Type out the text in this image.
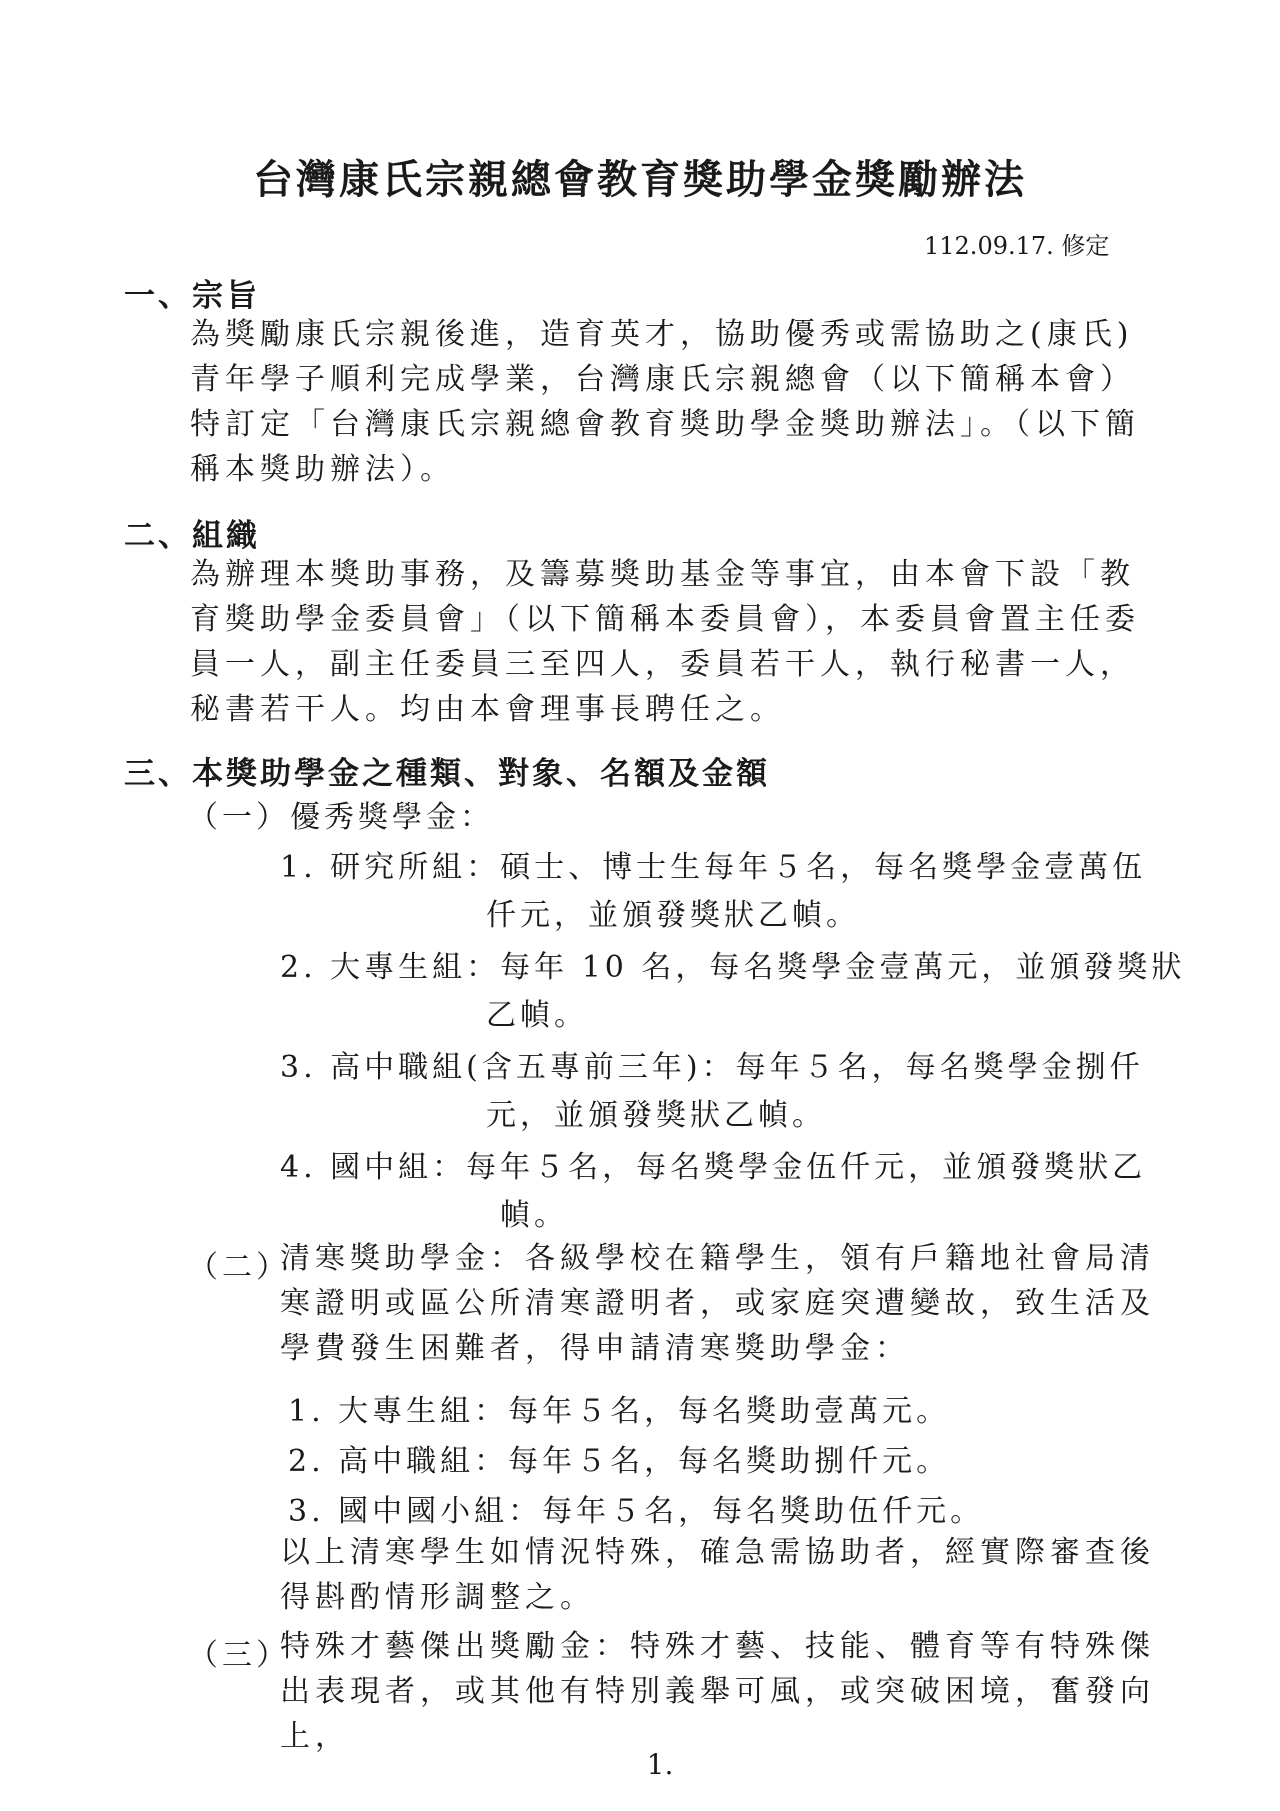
台灣康氏宗親總會教育獎助學金獎勵辦法
112.09.17. 修定
一、宗旨
為獎勵康氏宗親後進，造育英才，協助優秀或需協助之(康氏)青年學子順利完成學業，台灣康氏宗親總會（以下簡稱本會）特訂定「台灣康氏宗親總會教育獎助學金獎助辦法」。（以下簡稱本獎助辦法）。
二、組織
為辦理本獎助事務，及籌募獎助基金等事宜，由本會下設「教育獎助學金委員會」（以下簡稱本委員會），本委員會置主任委員一人，副主任委員三至四人，委員若干人，執行秘書一人，秘書若干人。均由本會理事長聘任之。
三、本獎助學金之種類、對象、名額及金額
（一）優秀獎學金：
1. 研究所組：碩士、博士生每年５名，每名獎學金壹萬伍
仟元，並頒發獎狀乙幀。
2. 大專生組：每年 10 名，每名獎學金壹萬元，並頒發獎狀
乙幀。
3. 高中職組(含五專前三年)：每年５名，每名獎學金捌仟
元，並頒發獎狀乙幀。
4. 國中組：每年５名，每名獎學金伍仟元，並頒發獎狀乙
幀。
（二）
清寒獎助學金：各級學校在籍學生，領有戶籍地社會局清寒證明或區公所清寒證明者，或家庭突遭變故，致生活及學費發生困難者，得申請清寒獎助學金：
1. 大專生組：每年５名，每名獎助壹萬元。
2. 高中職組：每年５名，每名獎助捌仟元。
3. 國中國小組：每年５名，每名獎助伍仟元。
以上清寒學生如情況特殊，確急需協助者，經實際審查後得斟酌情形調整之。
（三）
特殊才藝傑出獎勵金：特殊才藝、技能、體育等有特殊傑出表現者，或其他有特別義舉可風，或突破困境，奮發向上，
1.
